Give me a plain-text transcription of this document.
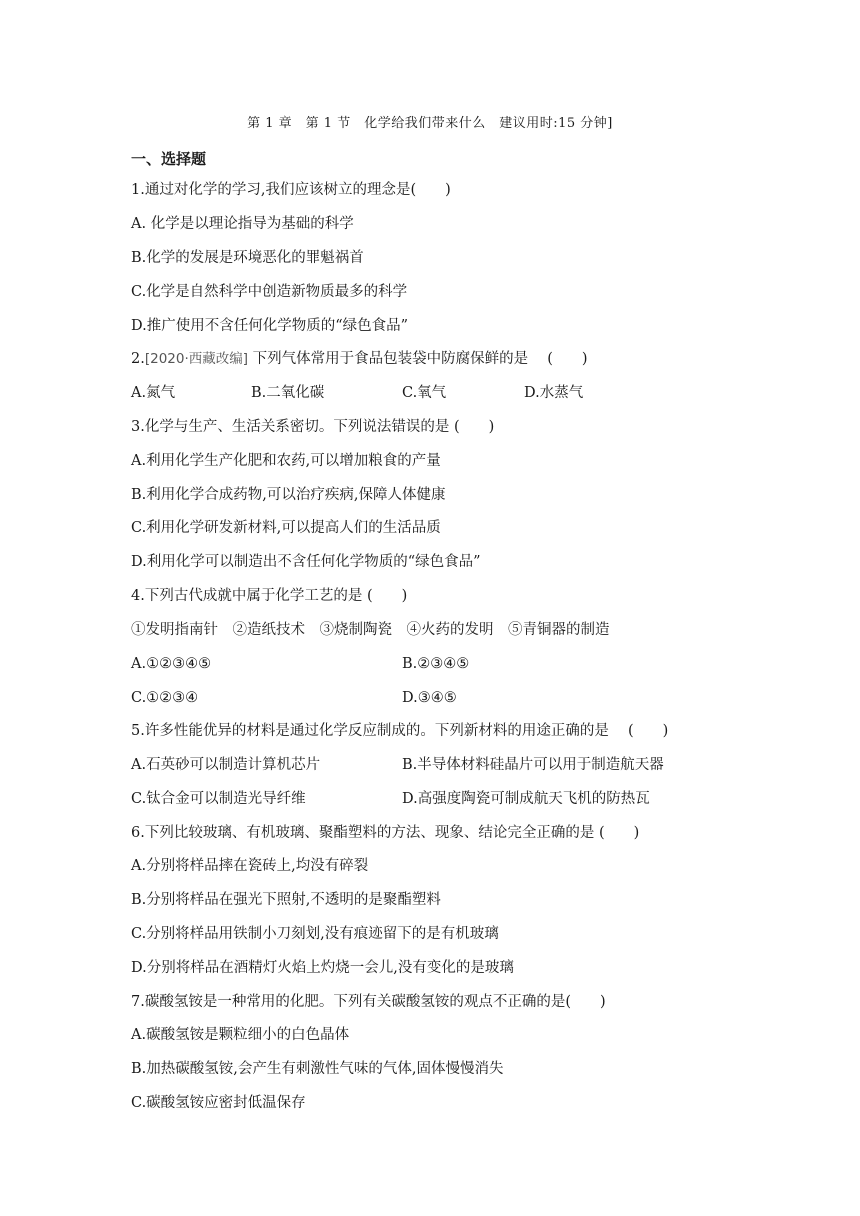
第 1 章　第 1 节　化学给我们带来什么　建议用时:15 分钟]
一、选择题
1.通过对化学的学习,我们应该树立的理念是(　　)
A. 化学是以理论指导为基础的科学
B.化学的发展是环境恶化的罪魁祸首
C.化学是自然科学中创造新物质最多的科学
D.推广使用不含任何化学物质的“绿色食品”
2.[2020·西藏改编] 下列气体常用于食品包装袋中防腐保鲜的是 　(　　)
A.氮气	B.二氧化碳	C.氧气	D.水蒸气
3.化学与生产、生活关系密切。下列说法错误的是 (　　)
A.利用化学生产化肥和农药,可以增加粮食的产量
B.利用化学合成药物,可以治疗疾病,保障人体健康
C.利用化学研发新材料,可以提高人们的生活品质
D.利用化学可以制造出不含任何化学物质的“绿色食品”
4.下列古代成就中属于化学工艺的是 (　　)
①发明指南针　②造纸技术　③烧制陶瓷　④火药的发明　⑤青铜器的制造
A.①②③④⑤	B.②③④⑤
C.①②③④	D.③④⑤
5.许多性能优异的材料是通过化学反应制成的。下列新材料的用途正确的是 　(　　)
A.石英砂可以制造计算机芯片	B.半导体材料硅晶片可以用于制造航天器
C.钛合金可以制造光导纤维	D.高强度陶瓷可制成航天飞机的防热瓦
6.下列比较玻璃、有机玻璃、聚酯塑料的方法、现象、结论完全正确的是 (　　)
A.分别将样品摔在瓷砖上,均没有碎裂
B.分别将样品在强光下照射,不透明的是聚酯塑料
C.分别将样品用铁制小刀刻划,没有痕迹留下的是有机玻璃
D.分别将样品在酒精灯火焰上灼烧一会儿,没有变化的是玻璃
7.碳酸氢铵是一种常用的化肥。下列有关碳酸氢铵的观点不正确的是(　　)
A.碳酸氢铵是颗粒细小的白色晶体
B.加热碳酸氢铵,会产生有刺激性气味的气体,固体慢慢消失
C.碳酸氢铵应密封低温保存
